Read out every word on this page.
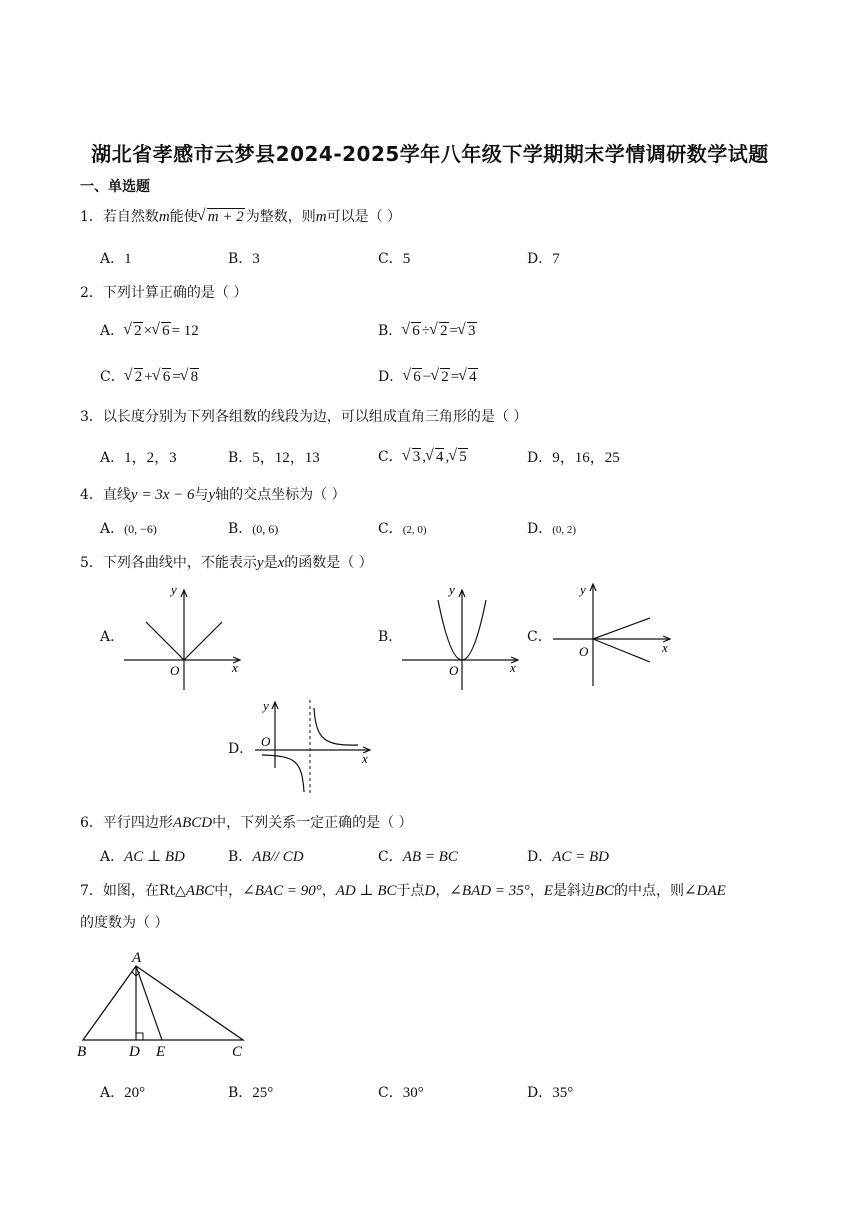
湖北省孝感市云梦县2024-2025学年八年级下学期期末学情调研数学试题
一、单选题
1．若自然数m能使 √ m + 2 为整数，则m可以是（ ）
A．1	B．3	C．5	D．7
2．下列计算正确的是（ ）
A． √ 2 × √ 6 = 12	B． √ 6 ÷ √ 2 = √ 3
C． √ 2 + √ 6 = √ 8	D． √ 6 − √ 2 = √ 4
3．以长度分别为下列各组数的线段为边，可以组成直角三角形的是（ ）
A．1，2，3	B．5，12，13	C． √ 3 , √ 4 , √ 5	D．9，16，25
4．直线y = 3x − 6与y轴的交点坐标为（ ）
A．(0, −6)	B．(0, 6)	C．(2, 0)	D．(0, 2)
5．下列各曲线中，不能表示y是x的函数是（ ）
A．	B．	C．
D．
O	x
y
O	x
y
O	x
y
O
x
y
A
B	D E	C
6．平行四边形ABCD中，下列关系一定正确的是（ ）
A．AC ⊥ BD	B．AB// CD	C．AB = BC	D．AC = BD
7．如图，在Rt△ABC中，∠BAC = 90°，AD ⊥ BC于点D，∠BAD = 35°，E是斜边BC的中点，则∠DAE
的度数为（ ）
A．20°	B．25°	C．30°	D．35°
